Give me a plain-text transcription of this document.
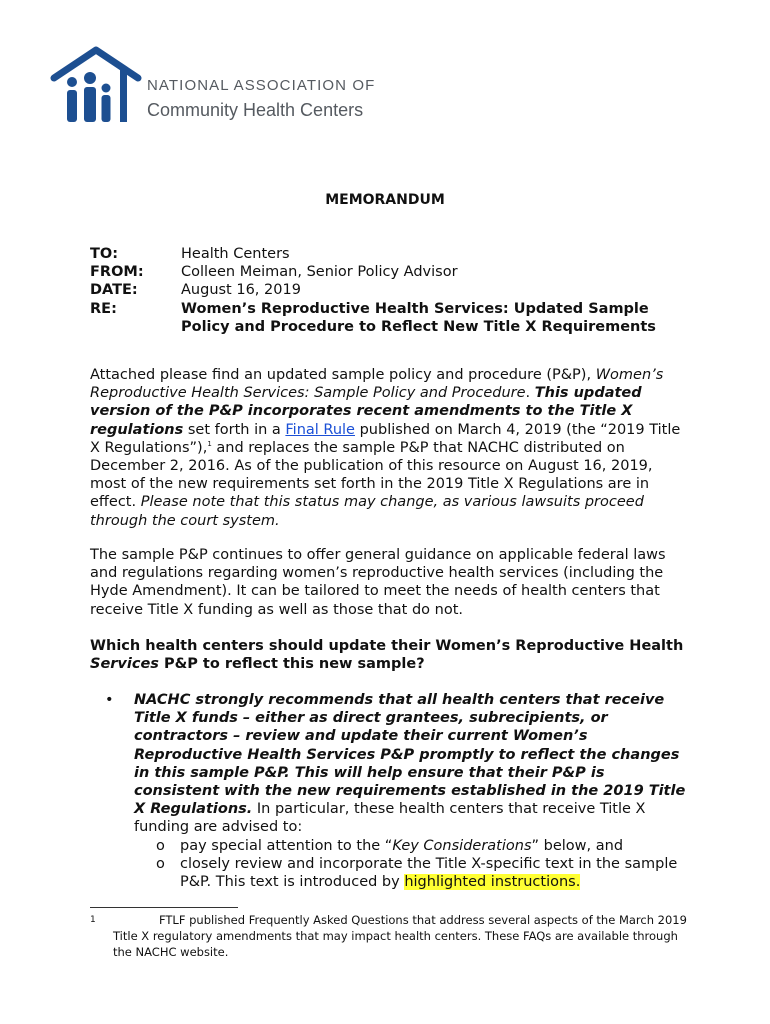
NATIONAL ASSOCIATION OF
Community Health Centers
MEMORANDUM
TO:	Health Centers
FROM:	Colleen Meiman, Senior Policy Advisor
DATE:	August 16, 2019
RE:	Women’s Reproductive Health Services: Updated Sample Policy and Procedure to Reflect New Title X Requirements
Attached please find an updated sample policy and procedure (P&P), Women’s Reproductive Health Services: Sample Policy and Procedure. This updated version of the P&P incorporates recent amendments to the Title X regulations set forth in a Final Rule published on March 4, 2019 (the “2019 Title X Regulations”),$^1$ and replaces the sample P&P that NACHC distributed on December 2, 2016. As of the publication of this resource on August 16, 2019, most of the new requirements set forth in the 2019 Title X Regulations are in effect. Please note that this status may change, as various lawsuits proceed through the court system.
The sample P&P continues to offer general guidance on applicable federal laws and regulations regarding women’s reproductive health services (including the Hyde Amendment). It can be tailored to meet the needs of health centers that receive Title X funding as well as those that do not.
Which health centers should update their Women’s Reproductive Health Services P&P to reflect this new sample?
• NACHC strongly recommends that all health centers that receive Title X funds – either as direct grantees, subrecipients, or contractors – review and update their current Women’s Reproductive Health Services P&P promptly to reflect the changes in this sample P&P. This will help ensure that their P&P is consistent with the new requirements established in the 2019 Title X Regulations. In particular, these health centers that receive Title X funding are advised to:
o pay special attention to the “Key Considerations” below, and
o closely review and incorporate the Title X-specific text in the sample P&P. This text is introduced by highlighted instructions.
1	FTLF published Frequently Asked Questions that address several aspects of the March 2019 Title X regulatory amendments that may impact health centers. These FAQs are available through the NACHC website.
